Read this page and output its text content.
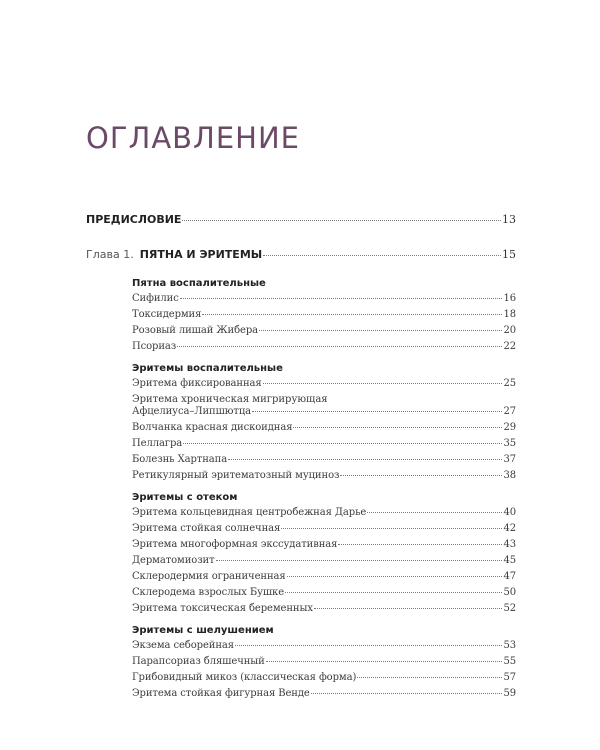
ОГЛАВЛЕНИЕ
ПРЕДИСЛОВИЕ	13
Глава 1. ПЯТНА И ЭРИТЕМЫ	15
Пятна воспалительные
Сифилис	16
Токсидермия	18
Розовый лишай Жибера	20
Псориаз	22
Эритемы воспалительные
Эритема фиксированная	25
Эритема хроническая мигрирующая
Афцелиуса–Липшютца	27
Волчанка красная дискоидная	29
Пеллагра	35
Болезнь Хартнапа	37
Ретикулярный эритематозный муциноз	38
Эритемы с отеком
Эритема кольцевидная центробежная Дарье	40
Эритема стойкая солнечная	42
Эритема многоформная экссудативная	43
Дерматомиозит	45
Склеродермия ограниченная	47
Склеродема взрослых Бушке	50
Эритема токсическая беременных	52
Эритемы с шелушением
Экзема себорейная	53
Парапсориаз бляшечный	55
Грибовидный микоз (классическая форма)	57
Эритема стойкая фигурная Венде	59
